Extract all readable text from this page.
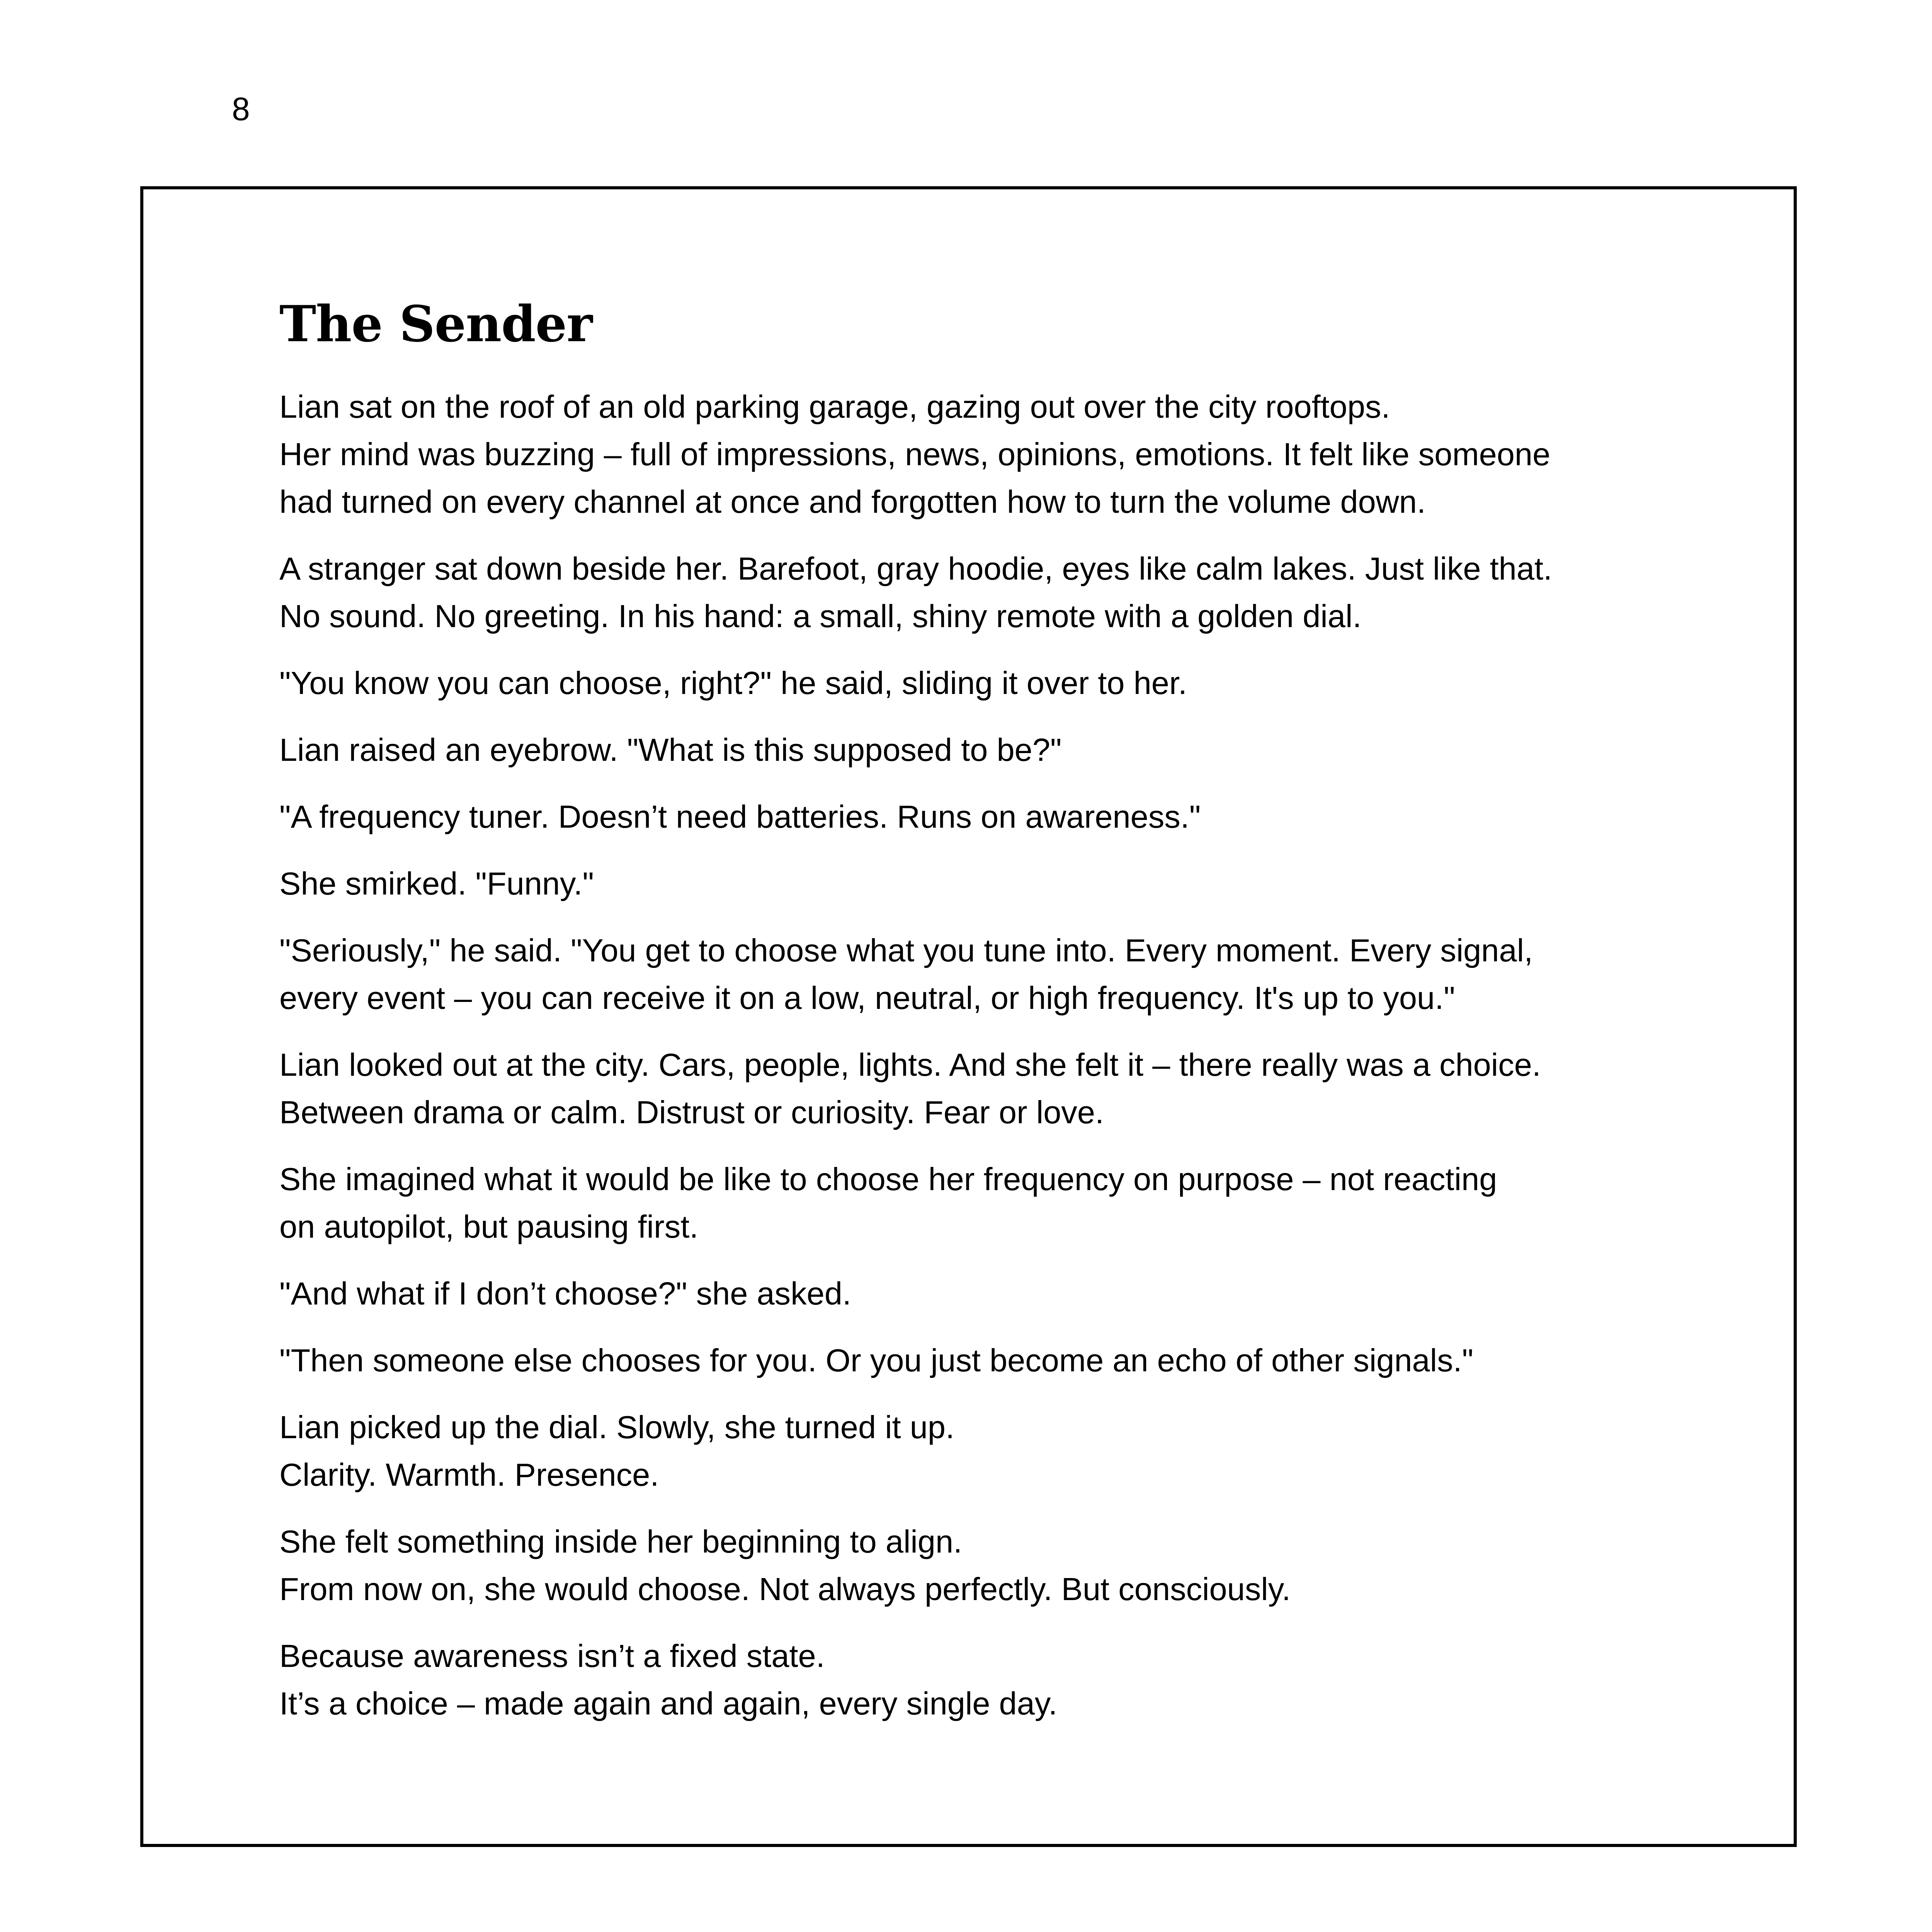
8
The Sender

Lian sat on the roof of an old parking garage, gazing out over the city rooftops.
Her mind was buzzing – full of impressions, news, opinions, emotions. It felt like someone
had turned on every channel at once and forgotten how to turn the volume down.

A stranger sat down beside her. Barefoot, gray hoodie, eyes like calm lakes. Just like that.
No sound. No greeting. In his hand: a small, shiny remote with a golden dial.

"You know you can choose, right?" he said, sliding it over to her.

Lian raised an eyebrow. "What is this supposed to be?"

"A frequency tuner. Doesn’t need batteries. Runs on awareness."

She smirked. "Funny."

"Seriously," he said. "You get to choose what you tune into. Every moment. Every signal,
every event – you can receive it on a low, neutral, or high frequency. It's up to you."

Lian looked out at the city. Cars, people, lights. And she felt it – there really was a choice.
Between drama or calm. Distrust or curiosity. Fear or love.

She imagined what it would be like to choose her frequency on purpose – not reacting
on autopilot, but pausing first.

"And what if I don’t choose?" she asked.

"Then someone else chooses for you. Or you just become an echo of other signals."

Lian picked up the dial. Slowly, she turned it up.
Clarity. Warmth. Presence.

She felt something inside her beginning to align.
From now on, she would choose. Not always perfectly. But consciously.

Because awareness isn’t a fixed state.
It’s a choice – made again and again, every single day.
